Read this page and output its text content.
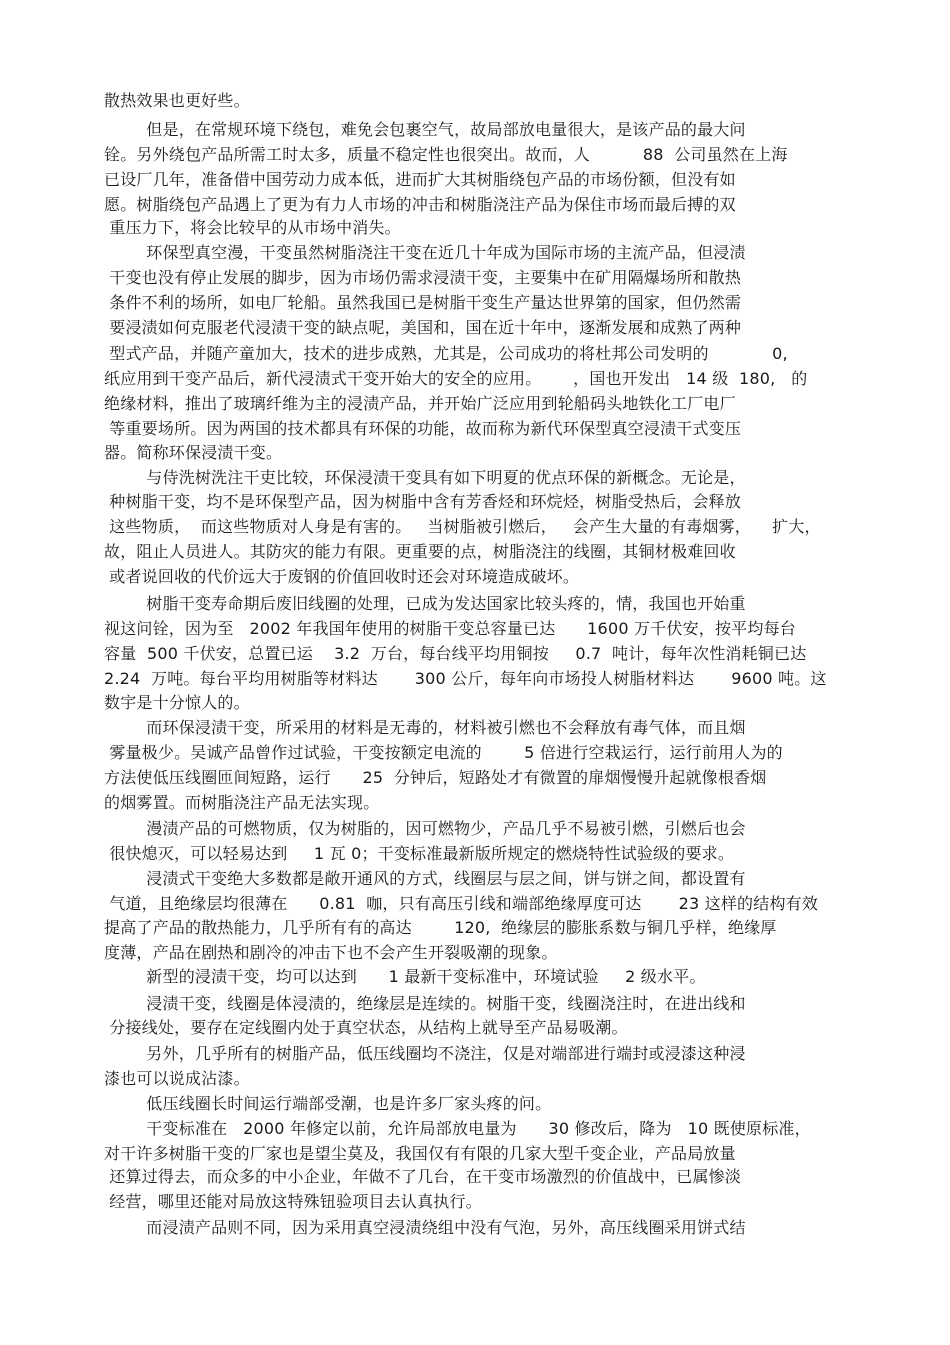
散热效果也更好些。
但是，在常规环境下绕包，难免会包裹空气，故局部放电量很大，是该产品的最大问
铨。另外绕包产品所需工时太多，质量不稳定性也很突出。故而，人          88  公司虽然在上海
已设厂几年，准备借中国劳动力成本低，进而扩大其树脂绕包产品的市场份额，但没有如
愿。树脂绕包产品遇上了更为有力人市场的冲击和树脂浇注产品为保住市场而最后搏的双
重压力下，将会比较早的从市场中消失。
环保型真空漫，干变虽然树脂浇注干变在近几十年成为国际市场的主流产品，但浸渍
干变也没有停止发展的脚步，因为市场仍需求浸渍干变，主要集中在矿用隔爆场所和散热
条件不利的场所，如电厂轮船。虽然我国已是树脂干变生产量达世界第的国家，但仍然需
要浸渍如何克服老代浸渍干变的缺点呢，美国和，国在近十年中，逐渐发展和成熟了两种
型式产品，并随产童加大，技术的进步成熟，尤其是，公司成功的将杜邦公司发明的            0,
纸应用到干变产品后，新代浸渍式干变开始大的安全的应用。      ，国也开发出   14 级  180,   的
绝缘材料，推出了玻璃纤维为主的浸渍产品，并开始广泛应用到轮船码头地铁化工厂电厂
等重要场所。因为两国的技术都具有环保的功能，故而称为新代环保型真空浸渍干式变压
器。简称环保浸渍干变。
与侍洗树洗注干吏比较，环保浸渍干变具有如下明夏的优点环保的新概念。无论是，
种树脂干变，均不是环保型产品，因为树脂中含有芳香烃和环烷烃，树脂受热后，会释放
这些物质，  而这些物质对人身是有害的。   当树脂被引燃后，   会产生大量的有毒烟雾，    扩大，
故，阻止人员进人。其防灾的能力有限。更重要的点，树脂浇注的线圈，其铜材极难回收
或者说回收的代价远大于废钢的价值回收时还会对环境造成破坏。
树脂干变寿命期后废旧线圈的处理，已成为发达国家比较头疼的，情，我国也开始重
视这问铨，因为至   2002 年我国年使用的树脂干变总容量已达      1600 万千伏安，按平均每台
容量  500 千伏安，总置已运    3.2  万台，每台线平均用铜按     0.7  吨计，每年次性消耗铜已达
2.24  万吨。每台平均用树脂等材料达       300 公斤，每年向市场投人树脂材料达       9600 吨。这
数宇是十分惊人的。
而环保浸渍干变，所采用的材料是无毒的，材料被引燃也不会释放有毒气体，而且烟
雾量极少。吴诚产品曾作过试验，干变按额定电流的        5 倍进行空栽运行，运行前用人为的
方法使低压线圈匝间短路，运行      25  分钟后，短路处才有微置的扉烟慢慢升起就像根香烟
的烟雾置。而树脂浇注产品无法实现。
漫渍产品的可燃物质，仅为树脂的，因可燃物少，产品几乎不易被引燃，引燃后也会
很快熄灭，可以轻易达到     1 瓦 0；干变标准最新版所规定的燃烧特性试验级的要求。
浸渍式干变绝大多数都是敞开通风的方式，线圈层与层之间，饼与饼之间，都设置有
气道，且绝缘层均很薄在      0.81  咖，只有高压引线和端部绝缘厚度可达       23 这样的结构有效
提高了产品的散热能力，几乎所有有的高达        120,  绝缘层的膨胀系数与铜几乎样，绝缘厚
度薄，产品在剧热和剧冷的冲击下也不会产生开裂吸潮的现象。
新型的浸渍干变，均可以达到      1 最新干变标准中，环境试验     2 级水平。
浸渍干变，线圈是体浸渍的，绝缘层是连续的。树脂干变，线圈浇注时，在进出线和
分接线处，要存在定线圈内处于真空状态，从结构上就导至产品易吸潮。
另外，几乎所有的树脂产品，低压线圈均不浇注，仅是对端部进行端封或浸漆这种浸
漆也可以说成沾漆。
低压线圈长时间运行端部受潮，也是许多厂家头疼的问。
干变标准在   2000 年修定以前，允许局部放电量为      30 修改后，降为   10 既使原标准，
对干许多树脂干变的厂家也是望尘莫及，我国仅有有限的几家大型千变企业，产品局放量
还算过得去，而众多的中小企业，年做不了几台，在干变市场激烈的价值战中，已属惨淡
经营，哪里还能对局放这特殊钮验项目去认真执行。
而浸渍产品则不同，因为采用真空浸渍绕组中没有气泡，另外，高压线圈采用饼式结
